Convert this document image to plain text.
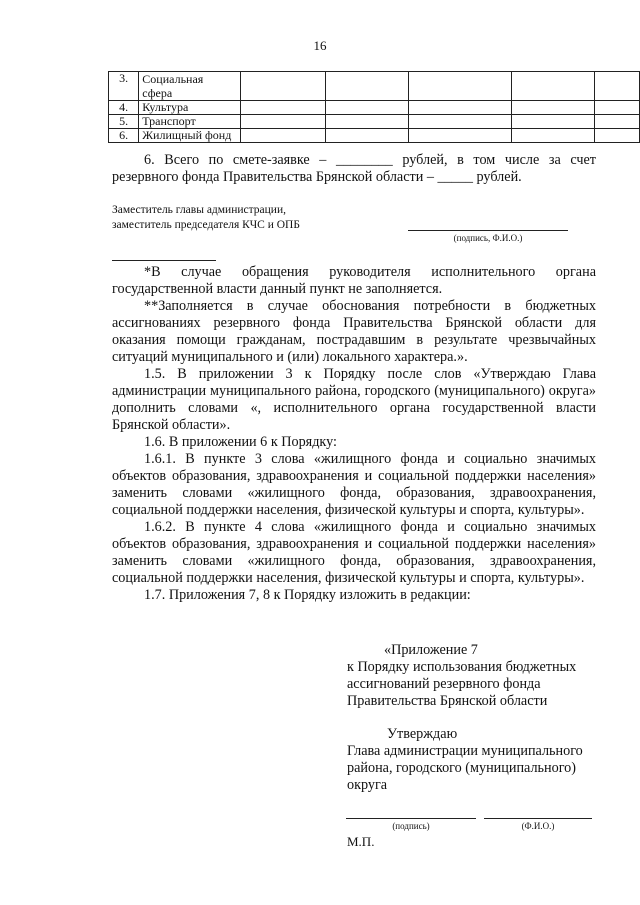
16
3.	Социальная
сфера					

4.	Культура					
5.	Транспорт					
6.	Жилищный фонд					

6. Всего по смете-заявке – ________ рублей, в том числе за счет

резервного фонда Правительства Брянской области – _____ рублей.

Заместитель главы администрации,
заместитель председателя КЧС и ОПБ
(подпись, Ф.И.О.)

*В случае обращения руководителя исполнительного органа государственной власти данный пункт не заполняется.

**Заполняется в случае обоснования потребности в бюджетных ассигнованиях резервного фонда Правительства Брянской области для оказания помощи гражданам, пострадавшим в результате чрезвычайных ситуаций муниципального и (или) локального характера.».

1.5. В приложении 3 к Порядку после слов «Утверждаю Глава администрации муниципального района, городского (муниципального) округа» дополнить словами «, исполнительного органа государственной власти Брянской области».

1.6. В приложении 6 к Порядку:

1.6.1. В пункте 3 слова «жилищного фонда и социально значимых объектов образования, здравоохранения и социальной поддержки населения» заменить словами «жилищного фонда, образования, здравоохранения, социальной поддержки населения, физической культуры и спорта, культуры».

1.6.2. В пункте 4 слова «жилищного фонда и социально значимых объектов образования, здравоохранения и социальной поддержки населения» заменить словами «жилищного фонда, образования, здравоохранения, социальной поддержки населения, физической культуры и спорта, культуры».

1.7. Приложения 7, 8 к Порядку изложить в редакции:

«Приложение 7

к Порядку использования бюджетных

ассигнований резервного фонда

Правительства Брянской области

Утверждаю

Глава администрации муниципального

района, городского (муниципального)

округа

(подпись)	(Ф.И.О.)
М.П.
